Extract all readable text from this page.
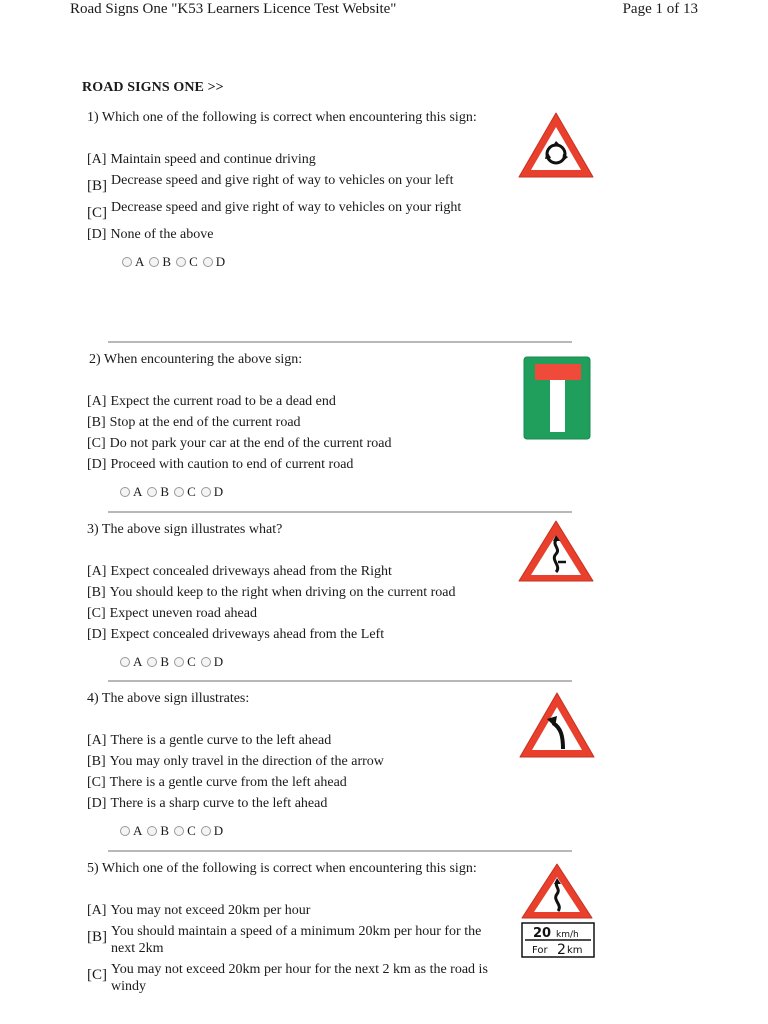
Road Signs One "K53 Learners Licence Test Website"	Page 1 of 13
ROAD SIGNS ONE >>

1) Which one of the following is correct when encountering this sign:

[A] Maintain speed and continue driving
[B] Decrease speed and give right of way to vehicles on your left
[C] Decrease speed and give right of way to vehicles on your right
[D] None of the above
A B C D

2) When encountering the above sign:

[A] Expect the current road to be a dead end
[B] Stop at the end of the current road
[C] Do not park your car at the end of the current road
[D] Proceed with caution to end of current road
A B C D

3) The above sign illustrates what?

[A] Expect concealed driveways ahead from the Right
[B] You should keep to the right when driving on the current road
[C] Expect uneven road ahead
[D] Expect concealed driveways ahead from the Left
A B C D

4) The above sign illustrates:

[A] There is a gentle curve to the left ahead
[B] You may only travel in the direction of the arrow
[C] There is a gentle curve from the left ahead
[D] There is a sharp curve to the left ahead
A B C D

5) Which one of the following is correct when encountering this sign:

[A] You may not exceed 20km per hour
[B] You should maintain a speed of a minimum 20km per hour for the next 2km
[C] You may not exceed 20km per hour for the next 2 km as the road is windy
20 km/h
For 2 km
